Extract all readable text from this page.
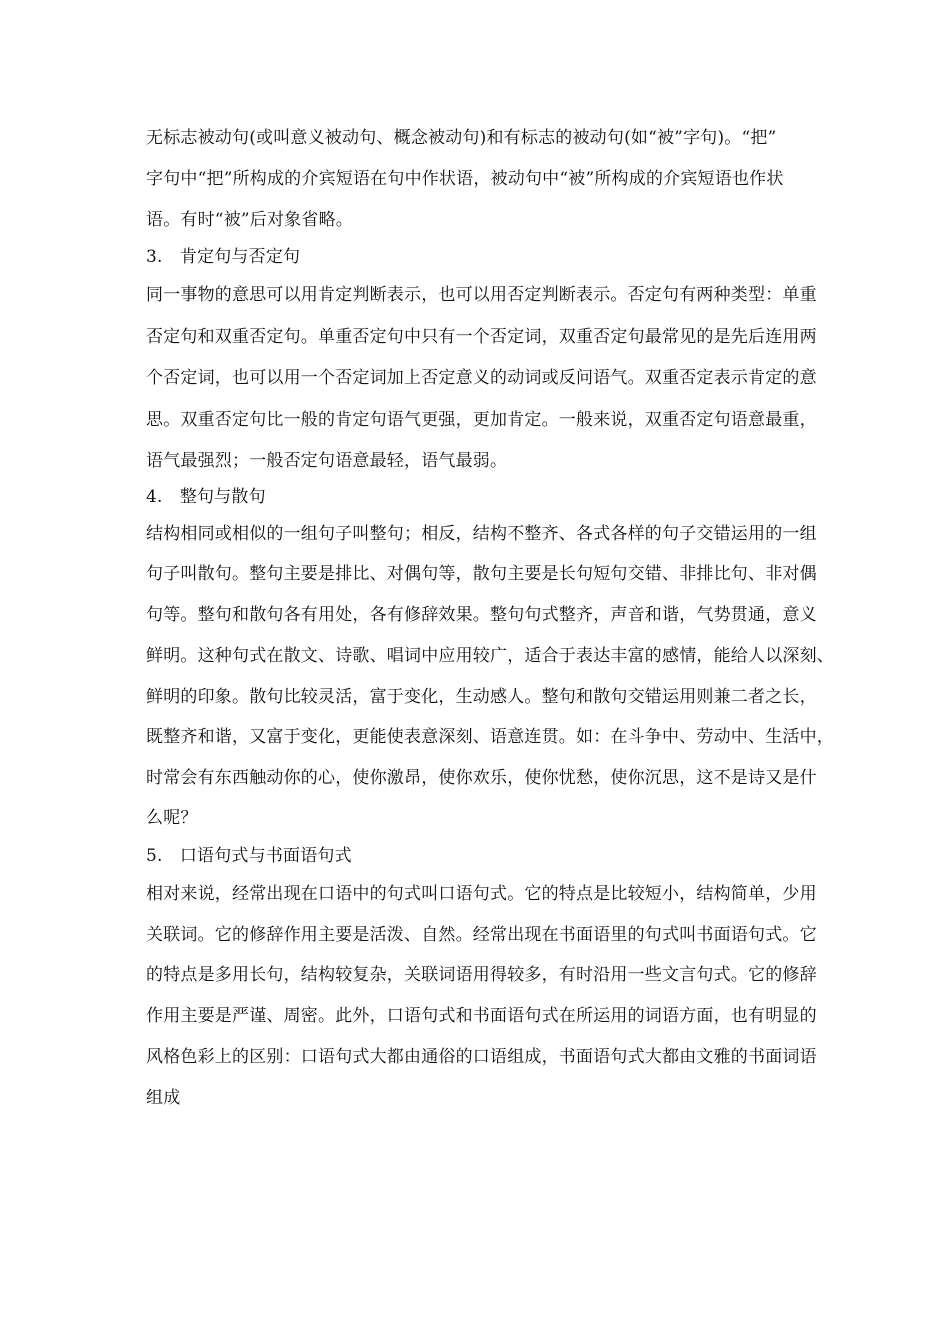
无标志被动句(或叫意义被动句、概念被动句)和有标志的被动句(如“被”字句)。“把”
字句中“把”所构成的介宾短语在句中作状语，被动句中“被”所构成的介宾短语也作状
语。有时“被”后对象省略。
3.　肯定句与否定句
同一事物的意思可以用肯定判断表示，也可以用否定判断表示。否定句有两种类型：单重
否定句和双重否定句。单重否定句中只有一个否定词，双重否定句最常见的是先后连用两
个否定词，也可以用一个否定词加上否定意义的动词或反问语气。双重否定表示肯定的意
思。双重否定句比一般的肯定句语气更强，更加肯定。一般来说，双重否定句语意最重，
语气最强烈；一般否定句语意最轻，语气最弱。
4.　整句与散句
结构相同或相似的一组句子叫整句；相反，结构不整齐、各式各样的句子交错运用的一组
句子叫散句。整句主要是排比、对偶句等，散句主要是长句短句交错、非排比句、非对偶
句等。整句和散句各有用处，各有修辞效果。整句句式整齐，声音和谐，气势贯通，意义
鲜明。这种句式在散文、诗歌、唱词中应用较广，适合于表达丰富的感情，能给人以深刻、
鲜明的印象。散句比较灵活，富于变化，生动感人。整句和散句交错运用则兼二者之长，
既整齐和谐，又富于变化，更能使表意深刻、语意连贯。如：在斗争中、劳动中、生活中，
时常会有东西触动你的心，使你激昂，使你欢乐，使你忧愁，使你沉思，这不是诗又是什
么呢？
5.　口语句式与书面语句式
相对来说，经常出现在口语中的句式叫口语句式。它的特点是比较短小，结构简单，少用
关联词。它的修辞作用主要是活泼、自然。经常出现在书面语里的句式叫书面语句式。它
的特点是多用长句，结构较复杂，关联词语用得较多，有时沿用一些文言句式。它的修辞
作用主要是严谨、周密。此外，口语句式和书面语句式在所运用的词语方面，也有明显的
风格色彩上的区别：口语句式大都由通俗的口语组成，书面语句式大都由文雅的书面词语
组成
